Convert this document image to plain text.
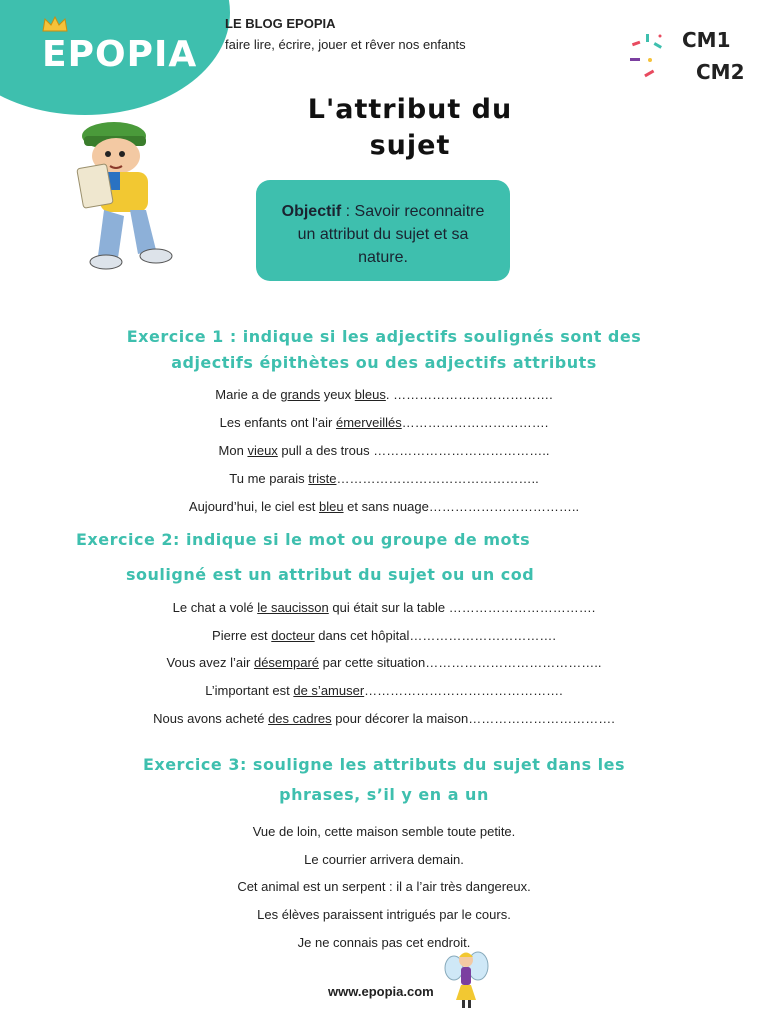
EPOPIA
LE BLOG EPOPIA
faire lire, écrire, jouer et rêver nos enfants	CM1
CM2
L'attribut du
sujet
Objectif : Savoir reconnaitre un attribut du sujet et sa nature.
Exercice 1 : indique si les adjectifs soulignés sont des
adjectifs épithètes ou des adjectifs attributs
Marie a de grands yeux bleus. ……………………………….
Les enfants ont l’air émerveillés…………………………….
Mon vieux pull a des trous …………………………………..
Tu me parais triste………………………………………..
Aujourd’hui, le ciel est bleu et sans nuage……………………………..
Exercice 2: indique si le mot ou groupe de mots
souligné est un attribut du sujet ou un cod
Le chat a volé le saucisson qui était sur la table …………………………….
Pierre est docteur dans cet hôpital…………………………….
Vous avez l’air désemparé par cette situation…………………………………..
L’important est de s’amuser……………………………………….
Nous avons acheté des cadres pour décorer la maison…………………………….
Exercice 3: souligne les attributs du sujet dans les
phrases, s’il y en a un
Vue de loin, cette maison semble toute petite.
Le courrier arrivera demain.
Cet animal est un serpent : il a l’air très dangereux.
Les élèves paraissent intrigués par le cours.
Je ne connais pas cet endroit.
www.epopia.com
